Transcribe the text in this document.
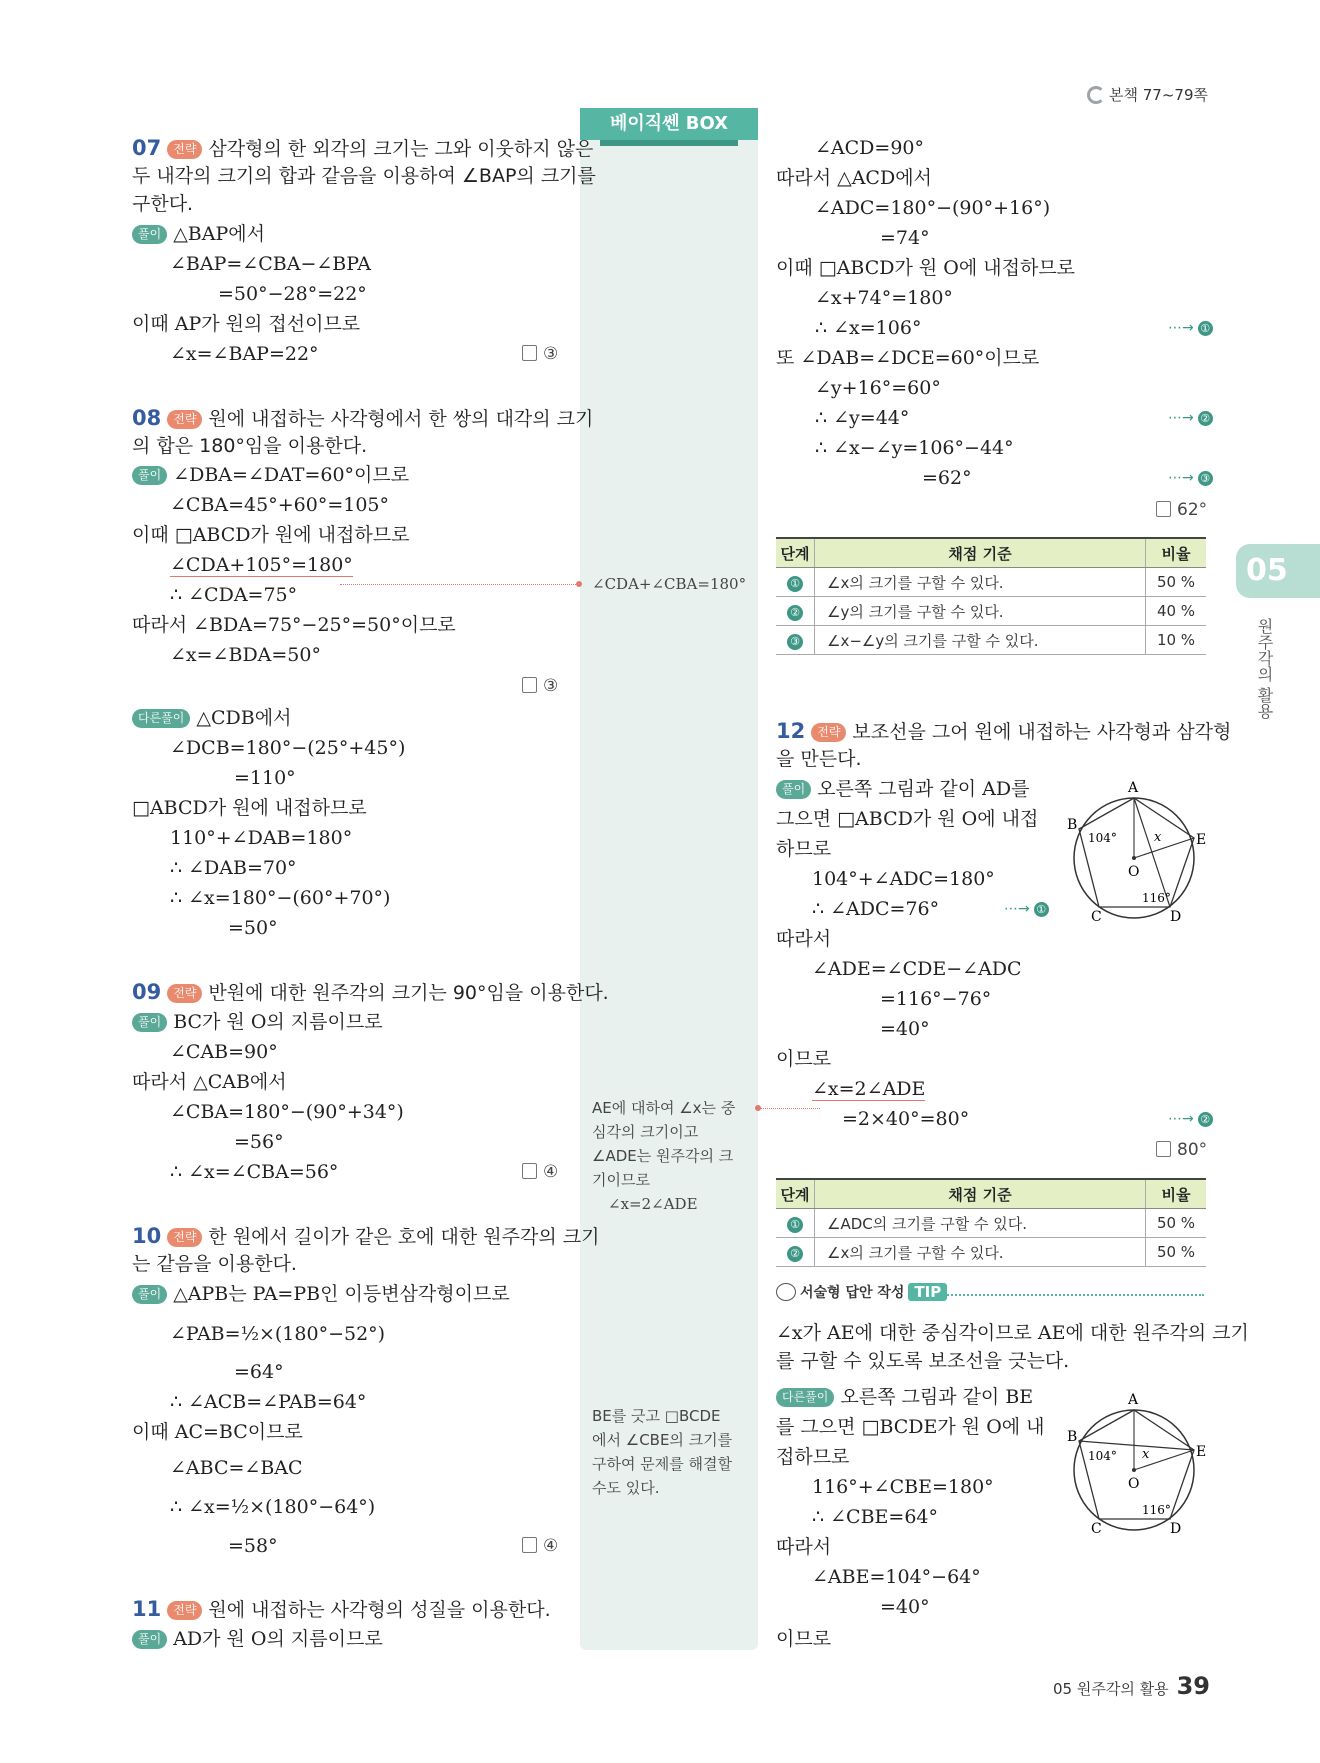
본책 77~79쪽
베이직쎈 BOX
∠CDA+∠CBA=180°
AE에 대하여 ∠x는 중
심각의 크기이고
∠ADE는 원주각의 크
기이므로
∠x=2∠ADE
BE를 긋고 □BCDE
에서 ∠CBE의 크기를
구하여 문제를 해결할
수도 있다.
07 전략 삼각형의 한 외각의 크기는 그와 이웃하지 않은
두 내각의 크기의 합과 같음을 이용하여 ∠BAP의 크기를
구한다.
풀이 △BAP에서
∠BAP=∠CBA−∠BPA
=50°−28°=22°
이때 AP가 원의 접선이므로
∠x=∠BAP=22°	③
08 전략 원에 내접하는 사각형에서 한 쌍의 대각의 크기
의 합은 180°임을 이용한다.
풀이 ∠DBA=∠DAT=60°이므로
∠CBA=45°+60°=105°
이때 □ABCD가 원에 내접하므로
∠CDA+105°=180°
∴ ∠CDA=75°
따라서 ∠BDA=75°−25°=50°이므로
∠x=∠BDA=50°
③
다른풀이 △CDB에서
∠DCB=180°−(25°+45°)
=110°
□ABCD가 원에 내접하므로
110°+∠DAB=180°
∴ ∠DAB=70°
∴ ∠x=180°−(60°+70°)
=50°
09 전략 반원에 대한 원주각의 크기는 90°임을 이용한다.
풀이 BC가 원 O의 지름이므로
∠CAB=90°
따라서 △CAB에서
∠CBA=180°−(90°+34°)
=56°
∴ ∠x=∠CBA=56°	④
10 전략 한 원에서 길이가 같은 호에 대한 원주각의 크기
는 같음을 이용한다.
풀이 △APB는 PA=PB인 이등변삼각형이므로
∠PAB=½×(180°−52°)
=64°
∴ ∠ACB=∠PAB=64°
이때 AC=BC이므로
∠ABC=∠BAC
∴ ∠x=½×(180°−64°)
=58°	④
11 전략 원에 내접하는 사각형의 성질을 이용한다.
풀이 AD가 원 O의 지름이므로
∠ACD=90°
따라서 △ACD에서
∠ADC=180°−(90°+16°)
=74°
이때 □ABCD가 원 O에 내접하므로
∠x+74°=180°
∴ ∠x=106°	⋯→ ①
또 ∠DAB=∠DCE=60°이므로
∠y+16°=60°
∴ ∠y=44°	⋯→ ②
∴ ∠x−∠y=106°−44°
=62°	⋯→ ③
62°
단계	채점 기준	비율
①	∠x의 크기를 구할 수 있다.	50 %
②	∠y의 크기를 구할 수 있다.	40 %
③	∠x−∠y의 크기를 구할 수 있다.	10 %
12 전략 보조선을 그어 원에 내접하는 사각형과 삼각형
을 만든다.
풀이 오른쪽 그림과 같이 AD를
그으면 □ABCD가 원 O에 내접
하므로
104°+∠ADC=180°
∴ ∠ADC=76°	⋯→ ①
따라서
∠ADE=∠CDE−∠ADC
=116°−76°
=40°
이므로
∠x=2∠ADE
=2×40°=80°	⋯→ ②
80°
A
B
C	D
E
O
x
104°
116°
단계	채점 기준	비율
①	∠ADC의 크기를 구할 수 있다.	50 %
②	∠x의 크기를 구할 수 있다.	50 %
서술형 답안 작성 TIP
∠x가 AE에 대한 중심각이므로 AE에 대한 원주각의 크기
를 구할 수 있도록 보조선을 긋는다.
다른풀이 오른쪽 그림과 같이 BE
를 그으면 □BCDE가 원 O에 내
접하므로
116°+∠CBE=180°
∴ ∠CBE=64°
따라서
∠ABE=104°−64°
=40°
이므로
A
B
C	D
E
O
x
104°
116°
05
원주각의 활용
05 원주각의 활용 39
